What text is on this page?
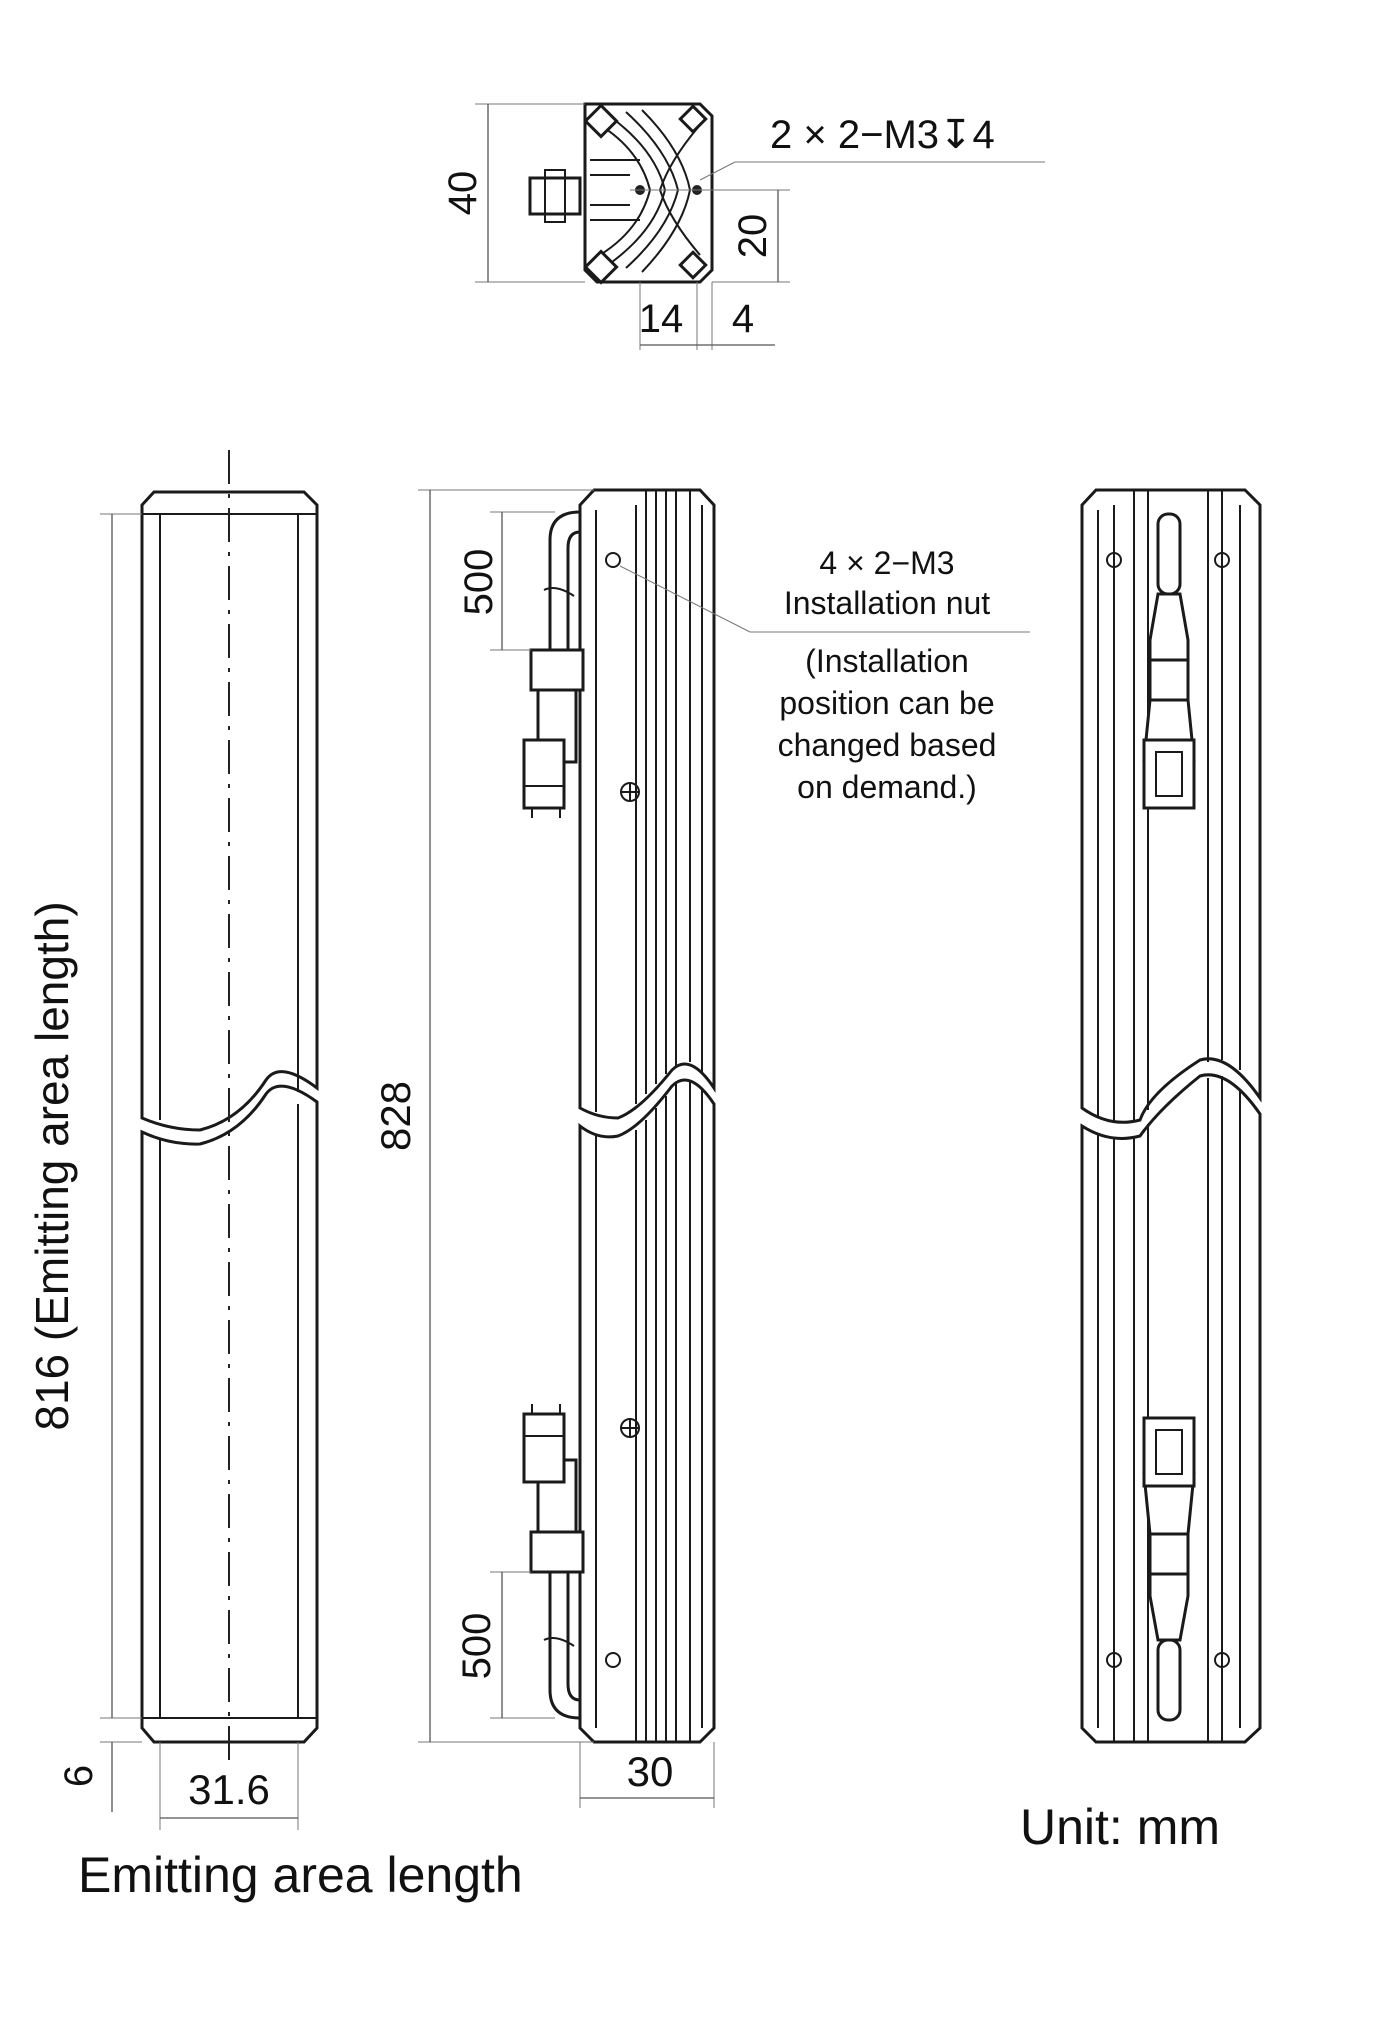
2 × 2−M3↧4
40
20
14 4
816 (Emitting area length)
6 31.6
828
500
500
30
4 × 2−M3
Installation nut
(Installation
position can be
changed based
on demand.)
Emitting area length
Unit: mm
